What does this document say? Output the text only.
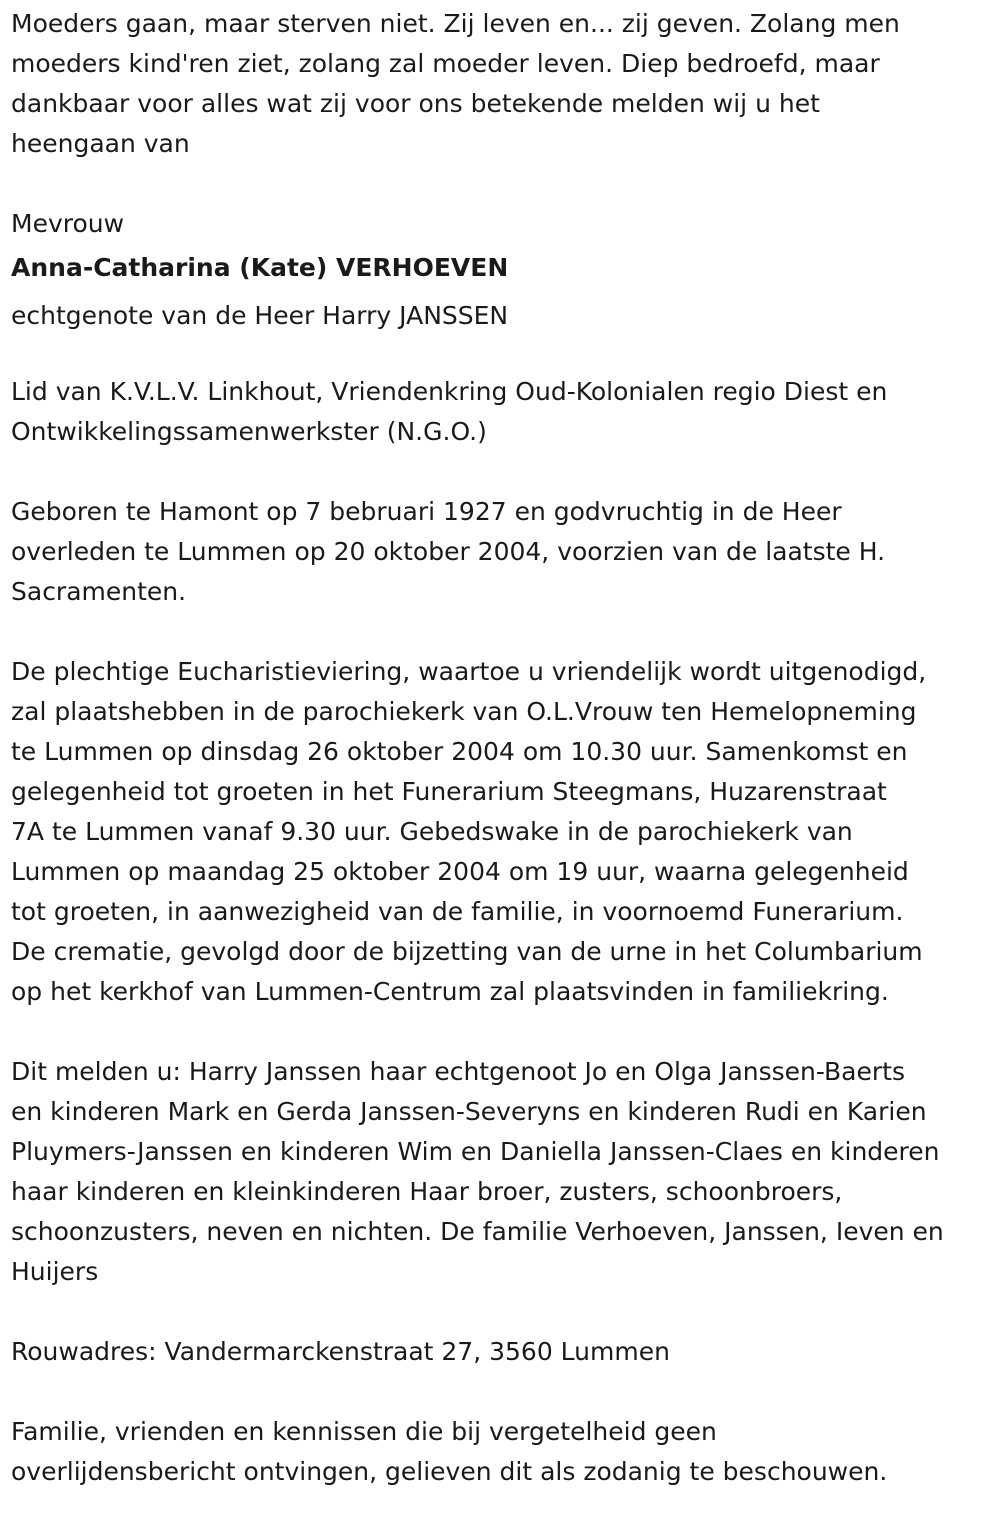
Moeders gaan, maar sterven niet. Zij leven en... zij geven. Zolang men
moeders kind'ren ziet, zolang zal moeder leven. Diep bedroefd, maar
dankbaar voor alles wat zij voor ons betekende melden wij u het
heengaan van

Mevrouw

Anna-Catharina (Kate) VERHOEVEN

echtgenote van de Heer Harry JANSSEN

Lid van K.V.L.V. Linkhout, Vriendenkring Oud-Kolonialen regio Diest en
Ontwikkelingssamenwerkster (N.G.O.)

Geboren te Hamont op 7 bebruari 1927 en godvruchtig in de Heer
overleden te Lummen op 20 oktober 2004, voorzien van de laatste H.
Sacramenten.

De plechtige Eucharistieviering, waartoe u vriendelijk wordt uitgenodigd,
zal plaatshebben in de parochiekerk van O.L.Vrouw ten Hemelopneming
te Lummen op dinsdag 26 oktober 2004 om 10.30 uur. Samenkomst en
gelegenheid tot groeten in het Funerarium Steegmans, Huzarenstraat
7A te Lummen vanaf 9.30 uur. Gebedswake in de parochiekerk van
Lummen op maandag 25 oktober 2004 om 19 uur, waarna gelegenheid
tot groeten, in aanwezigheid van de familie, in voornoemd Funerarium.
De crematie, gevolgd door de bijzetting van de urne in het Columbarium
op het kerkhof van Lummen-Centrum zal plaatsvinden in familiekring.

Dit melden u: Harry Janssen haar echtgenoot Jo en Olga Janssen-Baerts
en kinderen Mark en Gerda Janssen-Severyns en kinderen Rudi en Karien
Pluymers-Janssen en kinderen Wim en Daniella Janssen-Claes en kinderen
haar kinderen en kleinkinderen Haar broer, zusters, schoonbroers,
schoonzusters, neven en nichten. De familie Verhoeven, Janssen, Ieven en
Huijers

Rouwadres: Vandermarckenstraat 27, 3560 Lummen

Familie, vrienden en kennissen die bij vergetelheid geen
overlijdensbericht ontvingen, gelieven dit als zodanig te beschouwen.
